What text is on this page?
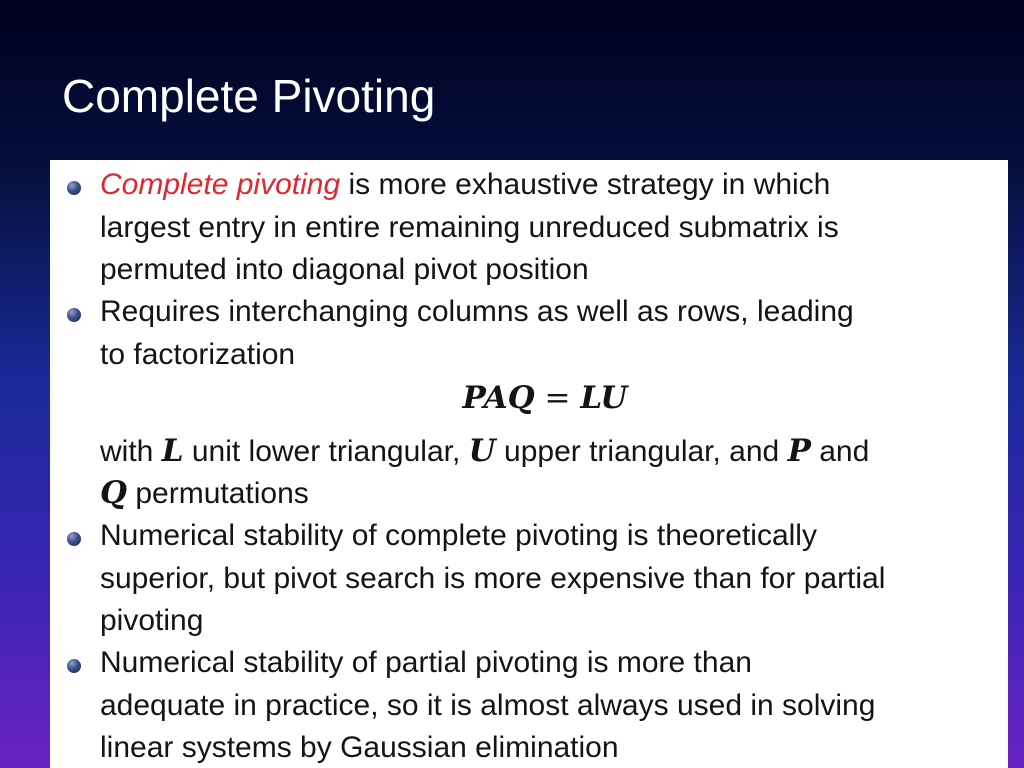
Complete Pivoting

Complete pivoting is more exhaustive strategy in which

largest entry in entire remaining unreduced submatrix is

permuted into diagonal pivot position

Requires interchanging columns as well as rows, leading

to factorization

PAQ = LU

with L unit lower triangular, U upper triangular, and P and

Q permutations

Numerical stability of complete pivoting is theoretically

superior, but pivot search is more expensive than for partial

pivoting

Numerical stability of partial pivoting is more than

adequate in practice, so it is almost always used in solving

linear systems by Gaussian elimination
